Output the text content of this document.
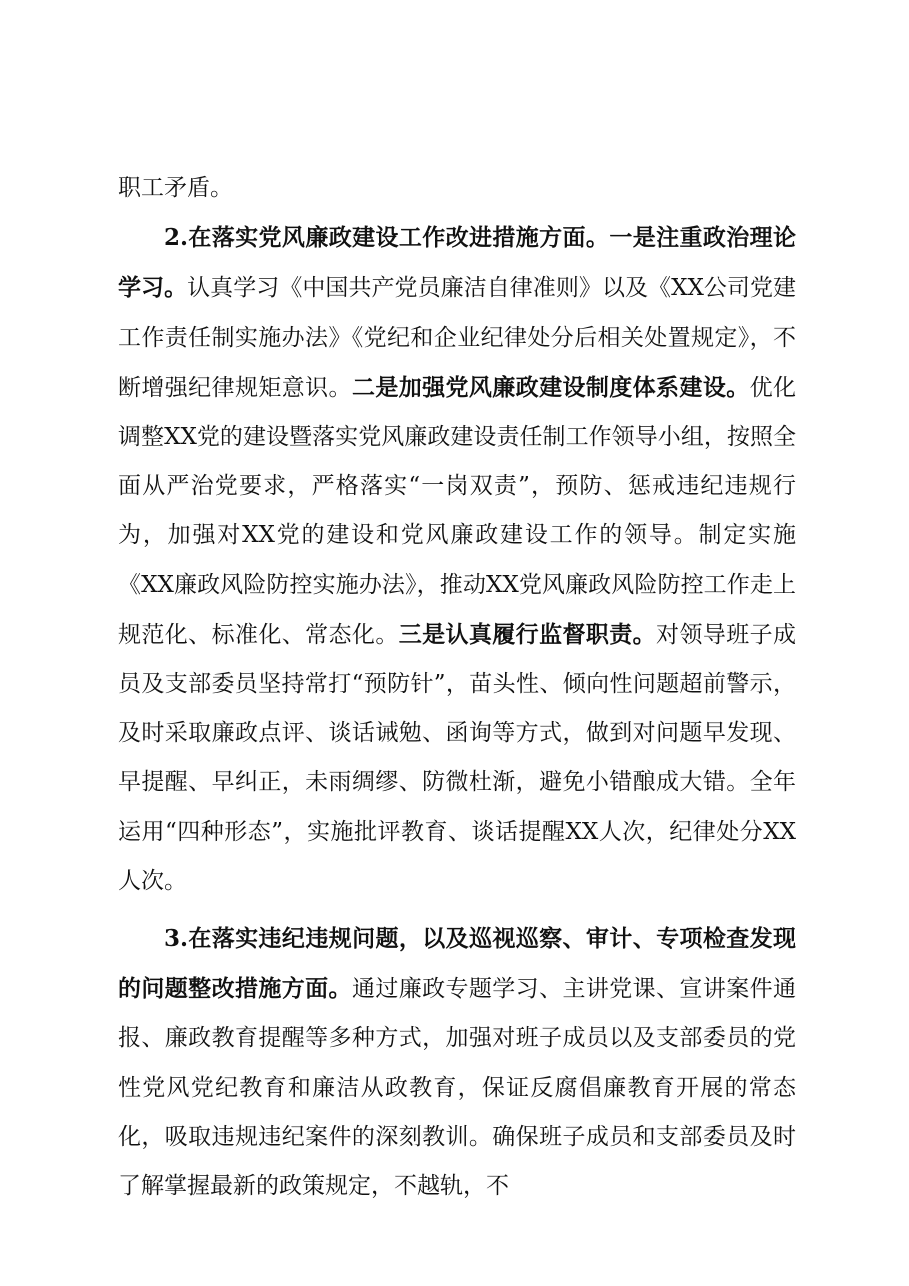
职工矛盾。

2.在落实党风廉政建设工作改进措施方面。一是注重政治理论学习。认真学习《中国共产党员廉洁自律准则》以及《XX公司党建工作责任制实施办法》《党纪和企业纪律处分后相关处置规定》，不断增强纪律规矩意识。二是加强党风廉政建设制度体系建设。优化调整XX党的建设暨落实党风廉政建设责任制工作领导小组，按照全面从严治党要求，严格落实“一岗双责”，预防、惩戒违纪违规行为，加强对XX党的建设和党风廉政建设工作的领导。制定实施《XX廉政风险防控实施办法》，推动XX党风廉政风险防控工作走上规范化、标准化、常态化。三是认真履行监督职责。对领导班子成员及支部委员坚持常打“预防针”，苗头性、倾向性问题超前警示，及时采取廉政点评、谈话诫勉、函询等方式，做到对问题早发现、早提醒、早纠正，未雨绸缪、防微杜渐，避免小错酿成大错。全年运用“四种形态”，实施批评教育、谈话提醒XX人次，纪律处分XX人次。

3.在落实违纪违规问题，以及巡视巡察、审计、专项检查发现的问题整改措施方面。通过廉政专题学习、主讲党课、宣讲案件通报、廉政教育提醒等多种方式，加强对班子成员以及支部委员的党性党风党纪教育和廉洁从政教育，保证反腐倡廉教育开展的常态化，吸取违规违纪案件的深刻教训。确保班子成员和支部委员及时了解掌握最新的政策规定，不越轨，不
